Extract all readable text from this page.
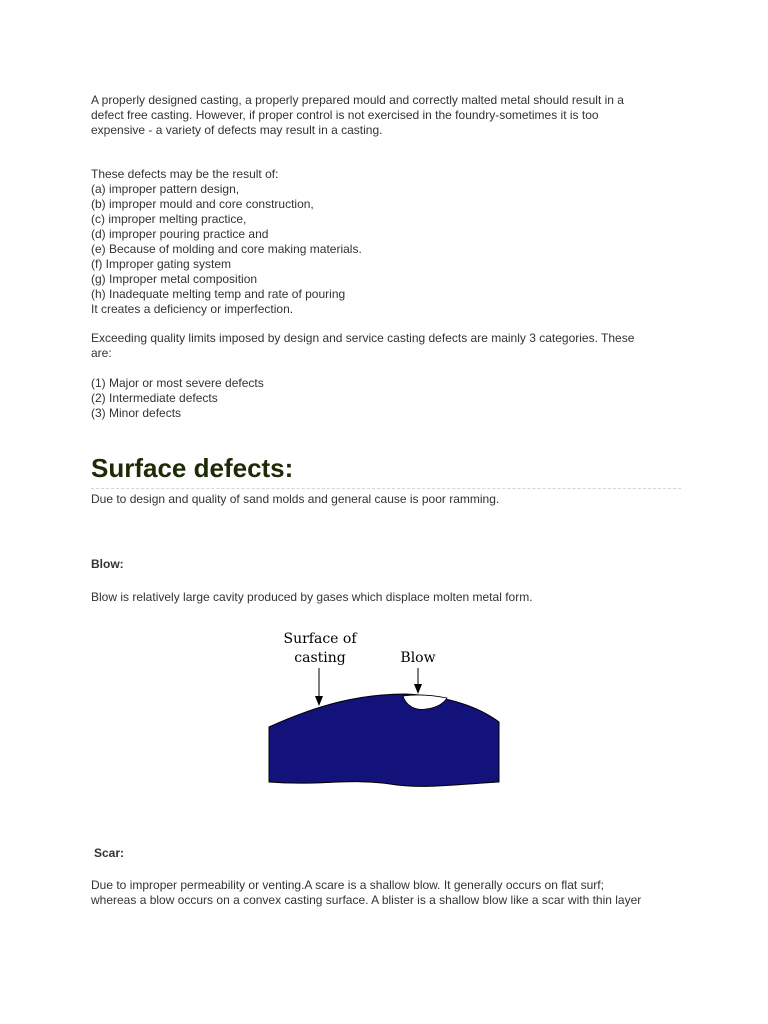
A properly designed casting, a properly prepared mould and correctly malted metal should result in a

defect free casting. However, if proper control is not exercised in the foundry-sometimes it is too

expensive - a variety of defects may result in a casting.

These defects may be the result of:

(a) improper pattern design,

(b) improper mould and core construction,

(c) improper melting practice,

(d) improper pouring practice and

(e) Because of molding and core making materials.

(f) Improper gating system

(g) Improper metal composition

(h) Inadequate melting temp and rate of pouring

It creates a deficiency or imperfection.

Exceeding quality limits imposed by design and service casting defects are mainly 3 categories. These

are:

(1) Major or most severe defects

(2) Intermediate defects

(3) Minor defects

Surface defects:

Due to design and quality of sand molds and general cause is poor ramming.

Blow:

Blow is relatively large cavity produced by gases which displace molten metal form.

Surface of
casting	Blow

Scar:

Due to improper permeability or venting.A scare is a shallow blow. It generally occurs on flat surf;

whereas a blow occurs on a convex casting surface. A blister is a shallow blow like a scar with thin layer
